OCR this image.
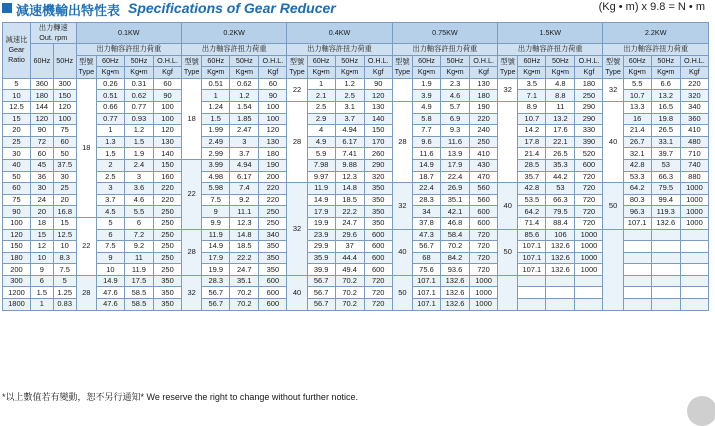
減速機輸出特性表 Specifications of Gear Reducer	(Kg • m) x 9.8 = N • m
減速比
Gear
Ratio	出力轉速
Out. rpm		0.1KW				0.2KW				0.4KW				0.75KW				1.5KW				2.2KW			
	60Hz	50Hz	出力軸容許扭力荷重				出力軸容許扭力荷重				出力軸容許扭力荷重				出力軸容許扭力荷重				出力軸容許扭力荷重				出力軸容許扭力荷重			
			型號
Type	60Hz	50Hz	O.H.L.	型號
Type	60Hz	50Hz	O.H.L.	型號
Type	60Hz	50Hz	O.H.L.	型號
Type	60Hz	50Hz	O.H.L.	型號
Type	60Hz	50Hz	O.H.L.	型號
Type	60Hz	50Hz	O.H.L.
				Kg•m	Kg•m	Kgf		Kg•m	Kg•m	Kgf		Kg•m	Kg•m	Kgf		Kg•m	Kg•m	Kgf		Kg•m	Kg•m	Kgf		Kg•m	Kg•m	Kgf
5	360	300	18	0.26	0.31	60	18	0.51	0.62	60	22	1	1.2	90		1.9	2.3	130	32	3.5	4.8	180	32	5.5	6.6	220
10	180	150		0.51	0.62	90		1	1.2	90		2.1	2.5	120		3.9	4.6	180		7.1	8.8	250		10.7	13.2	320
12.5	144	120		0.66	0.77	100		1.24	1.54	100	28	2.5	3.1	130	28	4.9	5.7	190		8.9	11	290	40	13.3	16.5	340
15	120	100		0.77	0.93	100		1.5	1.85	100		2.9	3.7	140		5.8	6.9	220		10.7	13.2	290		16	19.8	360
20	90	75		1	1.2	120		1.99	2.47	120		4	4.94	150		7.7	9.3	240		14.2	17.6	330		21.4	26.5	410
25	72	60		1.3	1.5	130		2.49	3	130		4.9	6.17	170		9.6	11.6	250		17.8	22.1	390		26.7	33.1	480
30	60	50		1.5	1.9	140		2.99	3.7	180		5.9	7.41	260		11.6	13.9	410		21.4	26.5	520		32.1	39.7	710
40	45	37.5		2	2.4	150	22	3.99	4.94	190		7.98	9.88	290		14.9	17.9	430		28.5	35.3	600		42.8	53	740
50	36	30		2.5	3	160		4.98	6.17	200		9.97	12.3	320		18.7	22.4	470		35.7	44.2	720		53.3	66.3	880
60	30	25		3	3.6	220		5.98	7.4	220	32	11.9	14.8	350	32	22.4	26.9	560	40	42.8	53	720	50	64.2	79.5	1000
75	24	20		3.7	4.6	220		7.5	9.2	220		14.9	18.5	350		28.3	35.1	560		53.5	66.3	720		80.3	99.4	1000
90	20	16.8		4.5	5.5	250		9	11.1	250		17.9	22.2	350		34	42.1	600		64.2	79.5	720		96.3	119.3	1000
100	18	15	22	5	6	250		9.9	12.3	250		19.9	24.7	350		37.8	46.8	600		71.4	88.4	720		107.1	132.6	1000
120	15	12.5		6	7.2	250	28	11.9	14.8	340		23.9	29.6	600	40	47.3	58.4	720	50	85.6	106	1000				
150	12	10		7.5	9.2	250		14.9	18.5	350		29.9	37	600		56.7	70.2	720		107.1	132.6	1000				
180	10	8.3		9	11	250		17.9	22.2	350		35.9	44.4	600		68	84.2	720		107.1	132.6	1000				
200	9	7.5		10	11.9	250		19.9	24.7	350		39.9	49.4	600		75.6	93.6	720		107.1	132.6	1000				
300	6	5	28	14.9	17.5	350	32	28.3	35.1	600	40	56.7	70.2	720	50	107.1	132.6	1000								
1200	1.5	1.25		47.6	58.5	350		56.7	70.2	600		56.7	70.2	720		107.1	132.6	1000								
1800	1	0.83		47.6	58.5	350		56.7	70.2	600		56.7	70.2	720		107.1	132.6	1000								
*以上數值若有變動，恕不另行通知* We reserve the right to change without further notice.
